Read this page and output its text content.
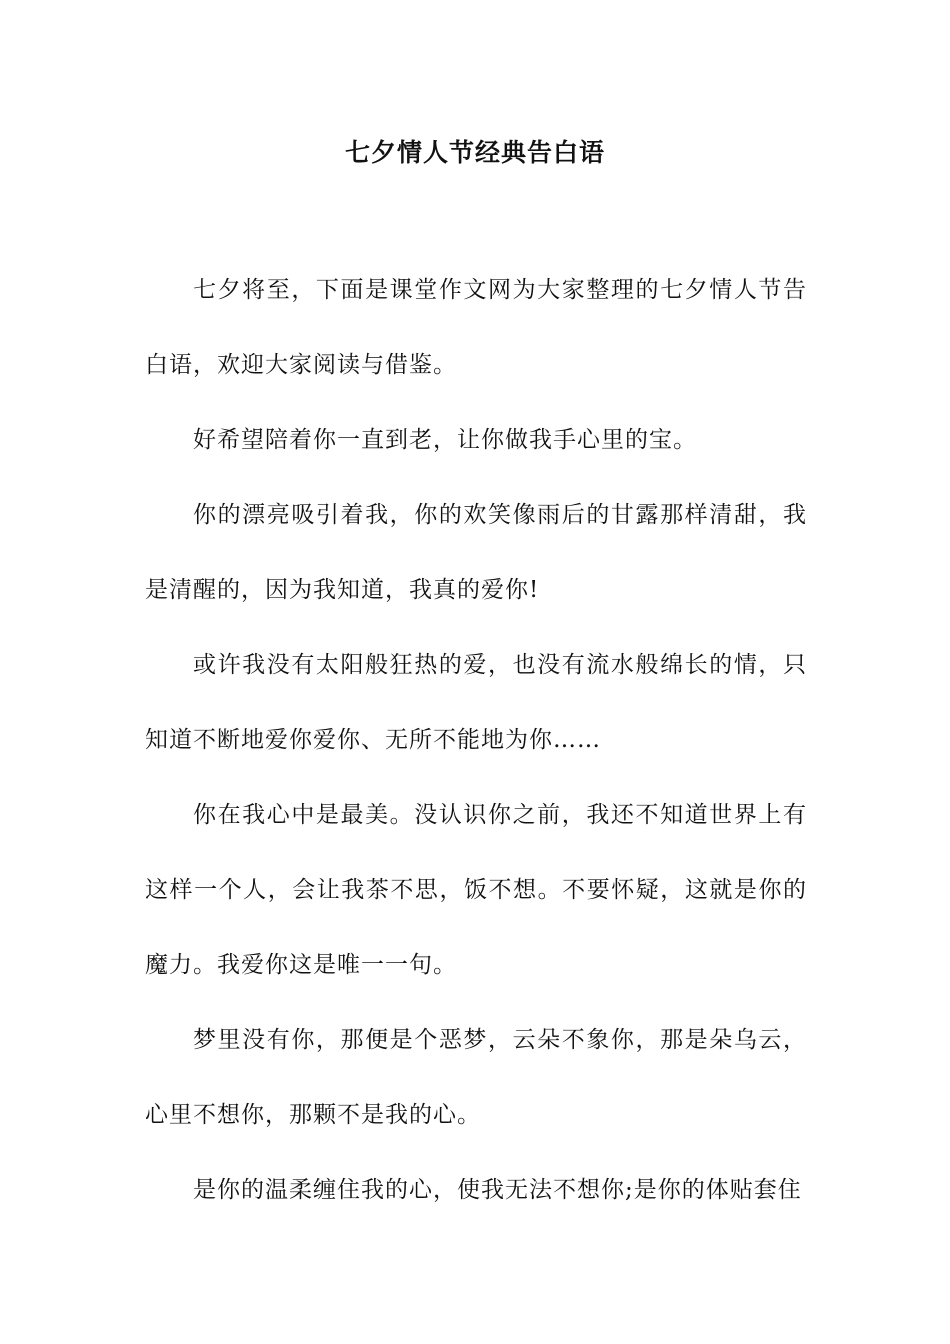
七夕情人节经典告白语

七夕将至，下面是课堂作文网为大家整理的七夕情人节告白语，欢迎大家阅读与借鉴。

好希望陪着你一直到老，让你做我手心里的宝。

你的漂亮吸引着我，你的欢笑像雨后的甘露那样清甜，我是清醒的，因为我知道，我真的爱你!

或许我没有太阳般狂热的爱，也没有流水般绵长的情，只知道不断地爱你爱你、无所不能地为你……

你在我心中是最美。没认识你之前，我还不知道世界上有这样一个人，会让我茶不思，饭不想。不要怀疑，这就是你的魔力。我爱你这是唯一一句。

梦里没有你，那便是个恶梦，云朵不象你，那是朵乌云，心里不想你，那颗不是我的心。

是你的温柔缠住我的心，使我无法不想你;是你的体贴套住
